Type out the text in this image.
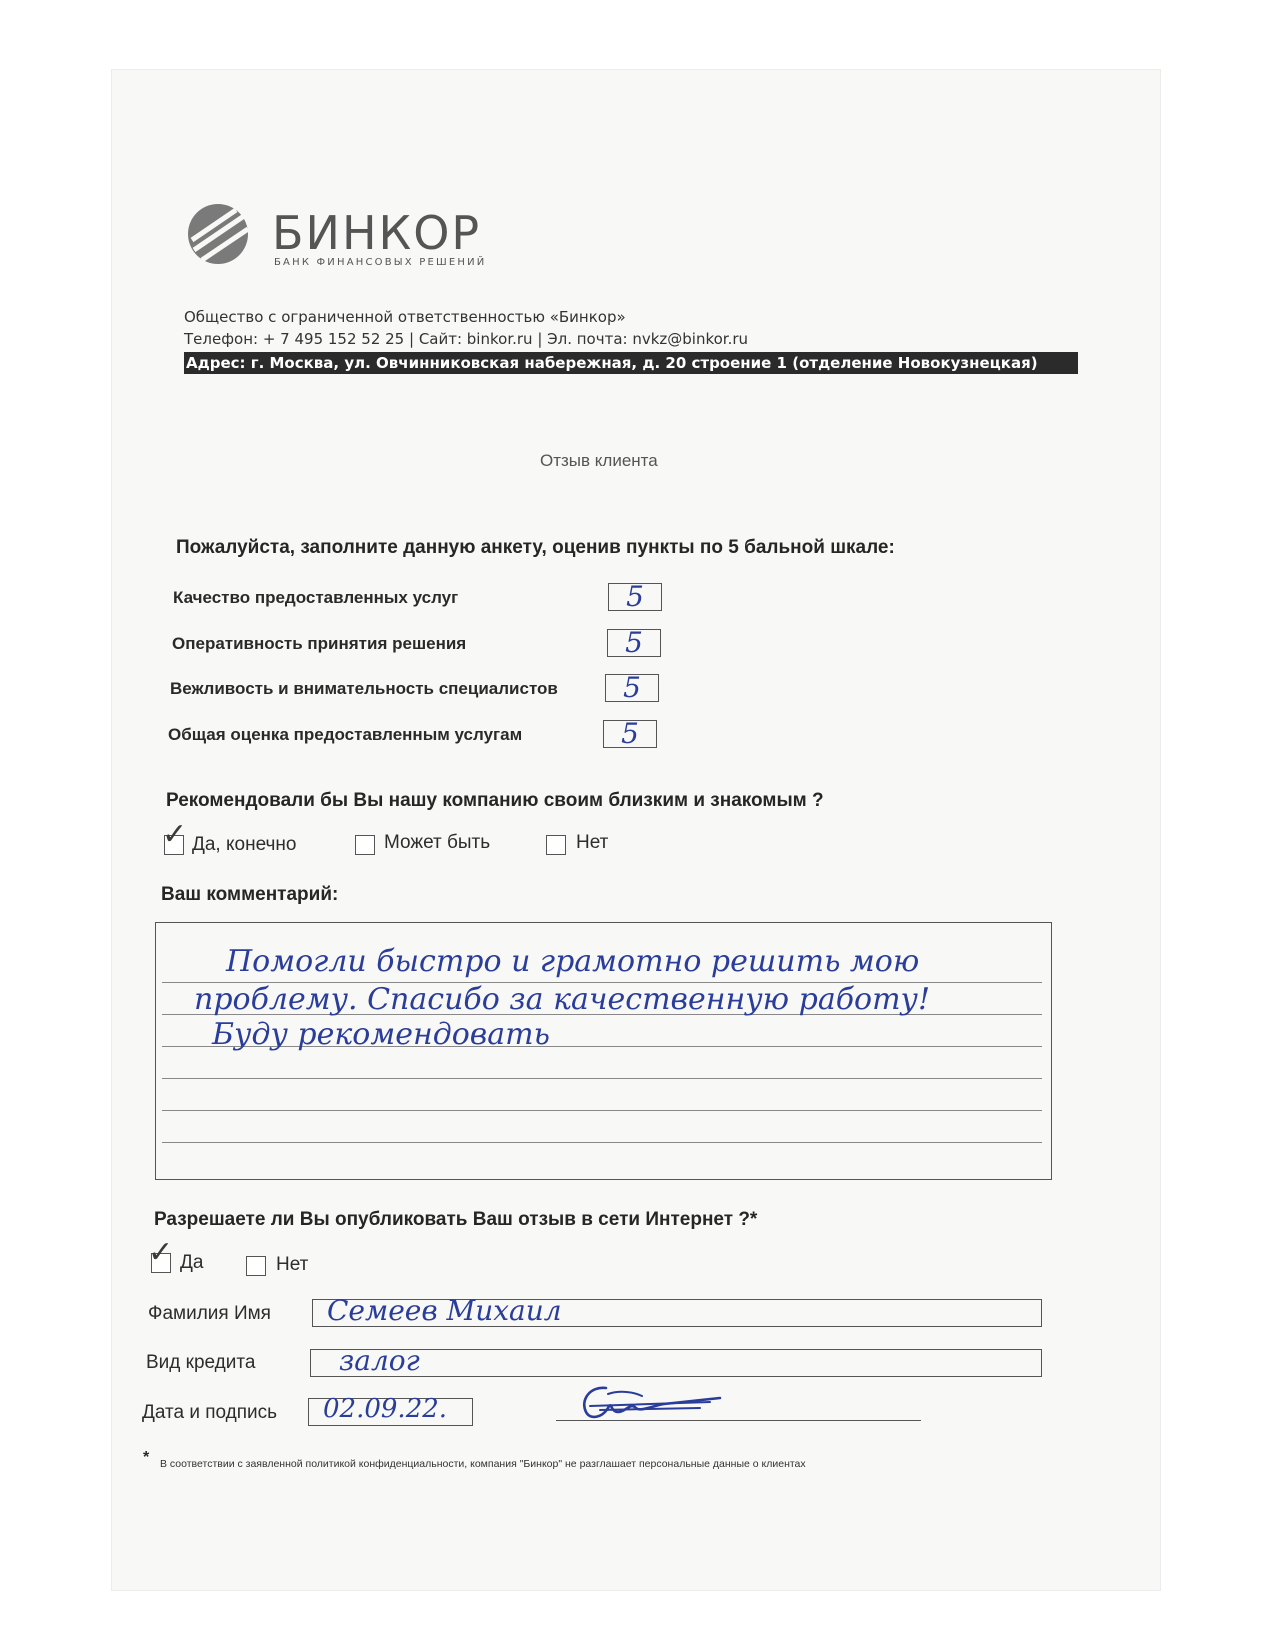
БИНКОР
БАНК ФИНАНСОВЫХ РЕШЕНИЙ
Общество с ограниченной ответственностью «Бинкор»
Телефон: + 7 495 152 52 25 | Сайт: binkor.ru | Эл. почта: nvkz@binkor.ru
Адрес: г. Москва, ул. Овчинниковская набережная, д. 20 строение 1 (отделение Новокузнецкая)
Отзыв клиента
Пожалуйста, заполните данную анкету, оценив пункты по 5 бальной шкале:
Качество предоставленных услуг	5
Оперативность принятия решения	5
Вежливость и внимательность специалистов	5
Общая оценка предоставленным услугам	5
Рекомендовали бы Вы нашу компанию своим близким и знакомым ?
✓ Да, конечно	Может быть	Нет
Ваш комментарий:
Помогли быстро и грамотно решить мою
проблему. Спасибо за качественную работу!
Буду рекомендовать
Разрешаете ли Вы опубликовать Ваш отзыв в сети Интернет ?*
✓ Да	Нет
Фамилия Имя Семеев Михаил
Вид кредита	залог
Дата и подпись 02.09.22.
* В соответствии с заявленной политикой конфиденциальности, компания "Бинкор" не разглашает персональные данные о клиентах
